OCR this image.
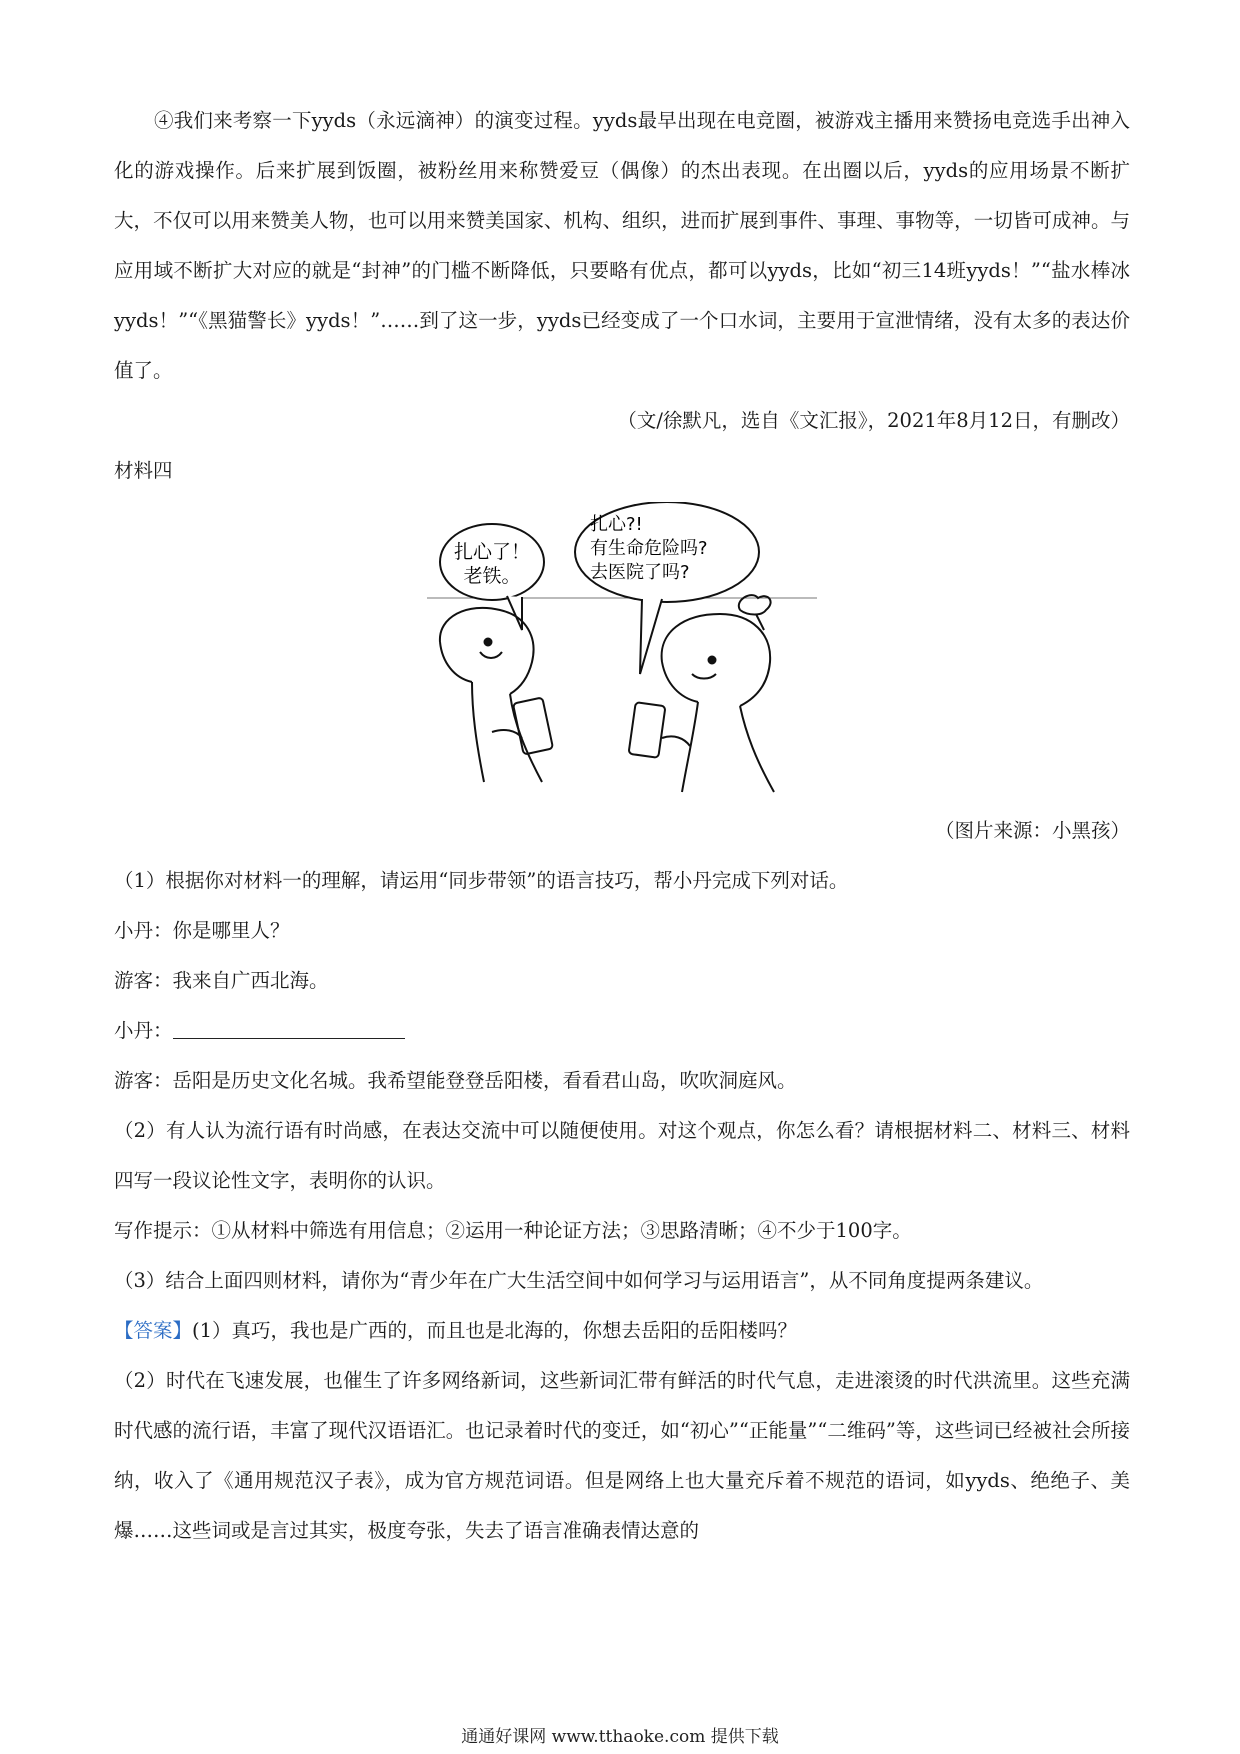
④我们来考察一下yyds（永远滴神）的演变过程。yyds最早出现在电竞圈，被游戏主播用来赞扬电竞选手出神入化的游戏操作。后来扩展到饭圈，被粉丝用来称赞爱豆（偶像）的杰出表现。在出圈以后，yyds的应用场景不断扩大，不仅可以用来赞美人物，也可以用来赞美国家、机构、组织，进而扩展到事件、事理、事物等，一切皆可成神。与应用域不断扩大对应的就是“封神”的门槛不断降低，只要略有优点，都可以yyds，比如“初三14班yyds！”“盐水棒冰yyds！”“《黑猫警长》yyds！”……到了这一步，yyds已经变成了一个口水词，主要用于宣泄情绪，没有太多的表达价值了。

（文/徐默凡，选自《文汇报》，2021年8月12日，有删改）

材料四

扎心了！
老铁。
扎心?!
有生命危险吗?
去医院了吗?

（图片来源：小黑孩）

（1）根据你对材料一的理解，请运用“同步带领”的语言技巧，帮小丹完成下列对话。

小丹：你是哪里人？

游客：我来自广西北海。

小丹：

游客：岳阳是历史文化名城。我希望能登登岳阳楼，看看君山岛，吹吹洞庭风。

（2）有人认为流行语有时尚感，在表达交流中可以随便使用。对这个观点，你怎么看？请根据材料二、材料三、材料四写一段议论性文字，表明你的认识。

写作提示：①从材料中筛选有用信息；②运用一种论证方法；③思路清晰；④不少于100字。

（3）结合上面四则材料，请你为“青少年在广大生活空间中如何学习与运用语言”，从不同角度提两条建议。

【答案】(1）真巧，我也是广西的，而且也是北海的，你想去岳阳的岳阳楼吗？

（2）时代在飞速发展，也催生了许多网络新词，这些新词汇带有鲜活的时代气息，走进滚烫的时代洪流里。这些充满时代感的流行语，丰富了现代汉语语汇。也记录着时代的变迁，如“初心”“正能量”“二维码”等，这些词已经被社会所接纳，收入了《通用规范汉子表》，成为官方规范词语。但是网络上也大量充斥着不规范的语词，如yyds、绝绝子、美爆……这些词或是言过其实，极度夸张，失去了语言准确表情达意的

通通好课网 www.tthaoke.com 提供下载
